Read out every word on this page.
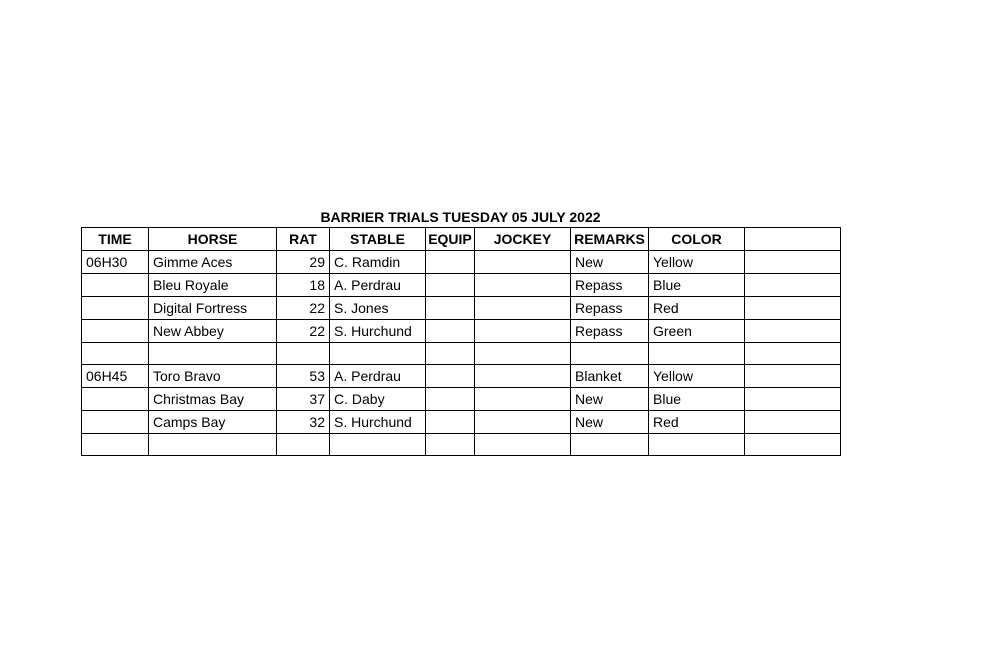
BARRIER TRIALS TUESDAY 05 JULY 2022
TIME	HORSE	RAT	STABLE	EQUIP	JOCKEY	REMARKS	COLOR	
06H30	Gimme Aces	29	C. Ramdin			New	Yellow	
	Bleu Royale	18	A. Perdrau			Repass	Blue	
	Digital Fortress	22	S. Jones			Repass	Red	
	New Abbey	22	S. Hurchund			Repass	Green	

06H45	Toro Bravo	53	A. Perdrau			Blanket	Yellow	
	Christmas Bay	37	C. Daby			New	Blue	
	Camps Bay	32	S. Hurchund			New	Red	
